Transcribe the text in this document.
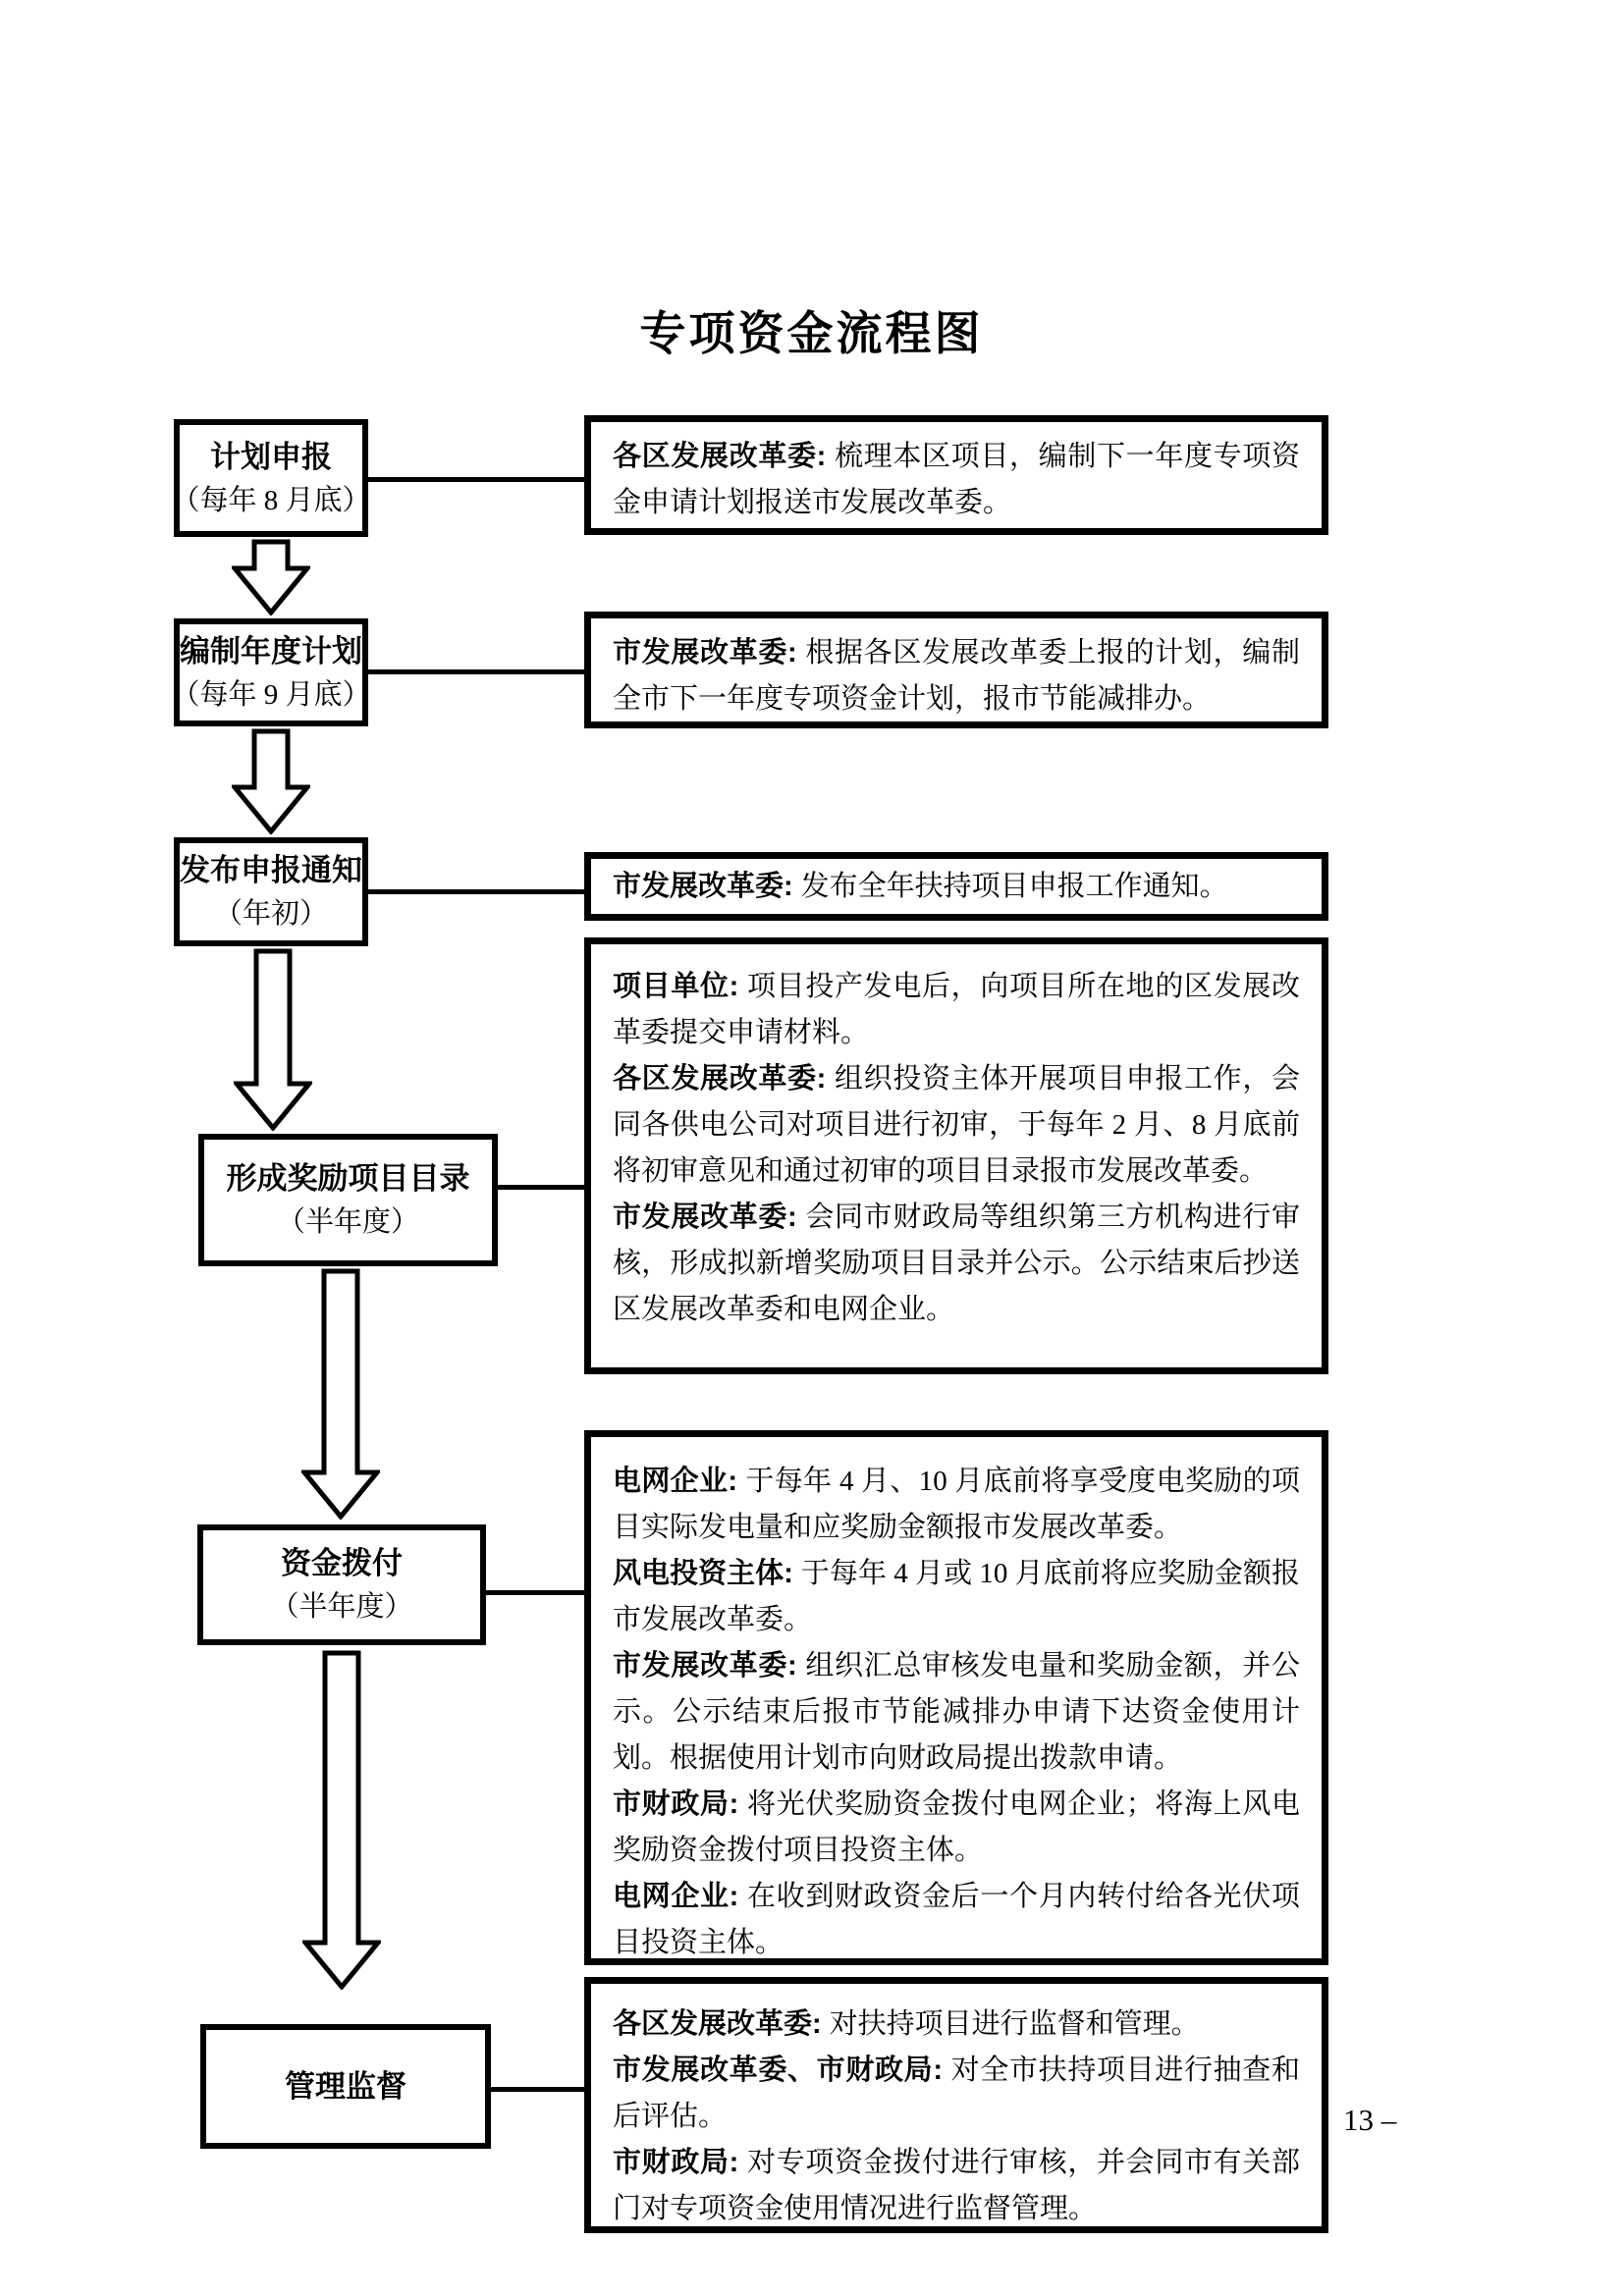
专项资金流程图
计划申报
（每年 8 月底）
编制年度计划
（每年 9 月底）
发布申报通知
（年初）
形成奖励项目目录
（半年度）
资金拨付
（半年度）
管理监督

各区发展改革委: 梳理本区项目，编制下一年度专项资金申请计划报送市发展改革委。

市发展改革委: 根据各区发展改革委上报的计划，编制全市下一年度专项资金计划，报市节能减排办。

市发展改革委: 发布全年扶持项目申报工作通知。

项目单位: 项目投产发电后，向项目所在地的区发展改革委提交申请材料。

各区发展改革委: 组织投资主体开展项目申报工作，会同各供电公司对项目进行初审，于每年 2 月、8 月底前将初审意见和通过初审的项目目录报市发展改革委。

市发展改革委: 会同市财政局等组织第三方机构进行审核，形成拟新增奖励项目目录并公示。公示结束后抄送区发展改革委和电网企业。

电网企业: 于每年 4 月、10 月底前将享受度电奖励的项目实际发电量和应奖励金额报市发展改革委。

风电投资主体: 于每年 4 月或 10 月底前将应奖励金额报市发展改革委。

市发展改革委: 组织汇总审核发电量和奖励金额，并公示。公示结束后报市节能减排办申请下达资金使用计划。根据使用计划市向财政局提出拨款申请。

市财政局: 将光伏奖励资金拨付电网企业；将海上风电奖励资金拨付项目投资主体。

电网企业: 在收到财政资金后一个月内转付给各光伏项目投资主体。

各区发展改革委: 对扶持项目进行监督和管理。

市发展改革委、市财政局: 对全市扶持项目进行抽查和后评估。

市财政局: 对专项资金拨付进行审核，并会同市有关部门对专项资金使用情况进行监督管理。

13 –
